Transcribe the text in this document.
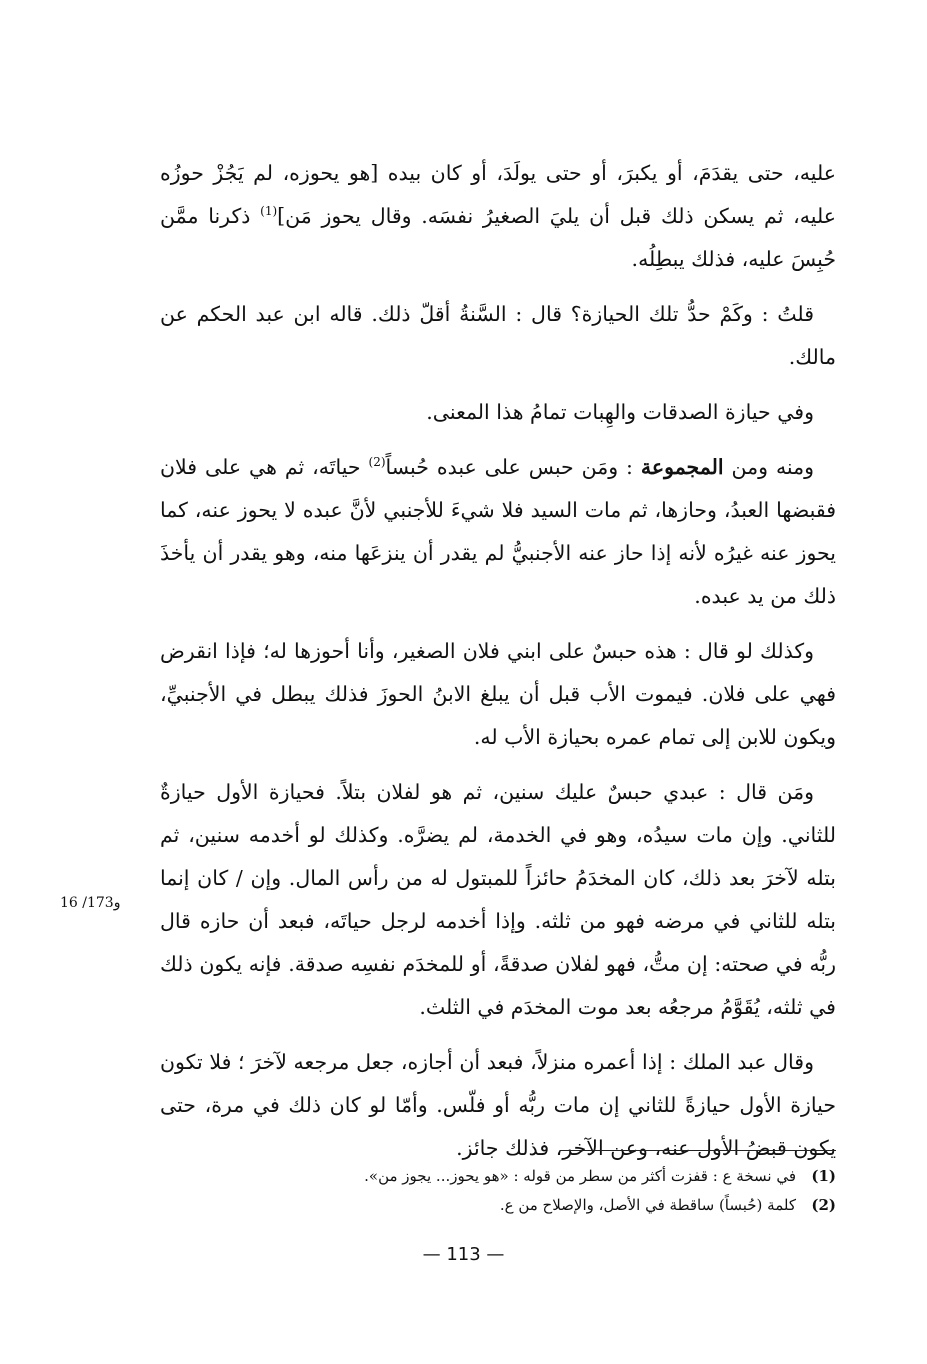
عليه، حتى يقدَمَ، أو يكبرَ، أو حتى يولَدَ، أو كان بيده [هو يحوزه، لم يَجُزْ حوزُه عليه، ثم يسكن ذلك قبل أن يليَ الصغيرُ نفسَه. وقال يحوز مَن]$^{(1)}$ ذكرنا ممَّن حُبِسَ عليه، فذلك يبطِلُه.

قلتُ : وكَمْ حدُّ تلك الحيازة؟ قال : السَّنةُ أقلّ ذلك. قاله ابن عبد الحكم عن مالك.

وفي حيازة الصدقات والهِبات تمامُ هذا المعنى.

ومنه ومن المجموعة : ومَن حبس على عبده حُبساً$^{(2)}$ حياتَه، ثم هي على فلان فقبضها العبدُ، وحازها، ثم مات السيد فلا شيءَ للأجنبي لأنَّ عبده لا يحوز عنه، كما يحوز عنه غيرُه لأنه إذا حاز عنه الأجنبيُّ لم يقدر أن ينزعَها منه، وهو يقدر أن يأخذَ ذلك من يد عبده.

وكذلك لو قال : هذه حبسٌ على ابني فلان الصغير، وأنا أحوزها له؛ فإذا انقرض فهي على فلان. فيموت الأب قبل أن يبلغ الابنُ الحوزَ فذلك يبطل في الأجنبيِّ، ويكون للابن إلى تمام عمره بحيازة الأب له.

ومَن قال : عبدي حبسٌ عليك سنين، ثم هو لفلان بتلاً. فحيازة الأول حيازةٌ للثاني. وإن مات سيدُه، وهو في الخدمة، لم يضرَّه. وكذلك لو أخدمه سنين، ثم بتله لآخرَ بعد ذلك، كان المخدَمُ حائزاً للمبتول له من رأس المال. وإن / كان إنما بتله للثاني في مرضه فهو من ثلثه. وإذا أخدمه لرجل حياتَه، فبعد أن حازه قال ربُّه في صحته: إن متُّ، فهو لفلان صدقةً، أو للمخدَم نفسِه صدقة. فإنه يكون ذلك في ثلثه، يُقَوَّمُ مرجعُه بعد موت المخدَم في الثلث.

وقال عبد الملك : إذا أعمره منزلاً، فبعد أن أجازه، جعل مرجعه لآخرَ ؛ فلا تكون حيازة الأول حيازةً للثاني إن مات ربُّه أو فلّس. وأمّا لو كان ذلك في مرة، حتى يكون قبضُ الأول عنه، وعن الآخر، فذلك جائز.

16 /173و
(1)
في نسخة ع : قفزت أكثر من سطر من قوله : «هو يحوز... يجوز من».
(2)
كلمة (حُبساً) ساقطة في الأصل، والإصلاح من ع.
— 113 —
